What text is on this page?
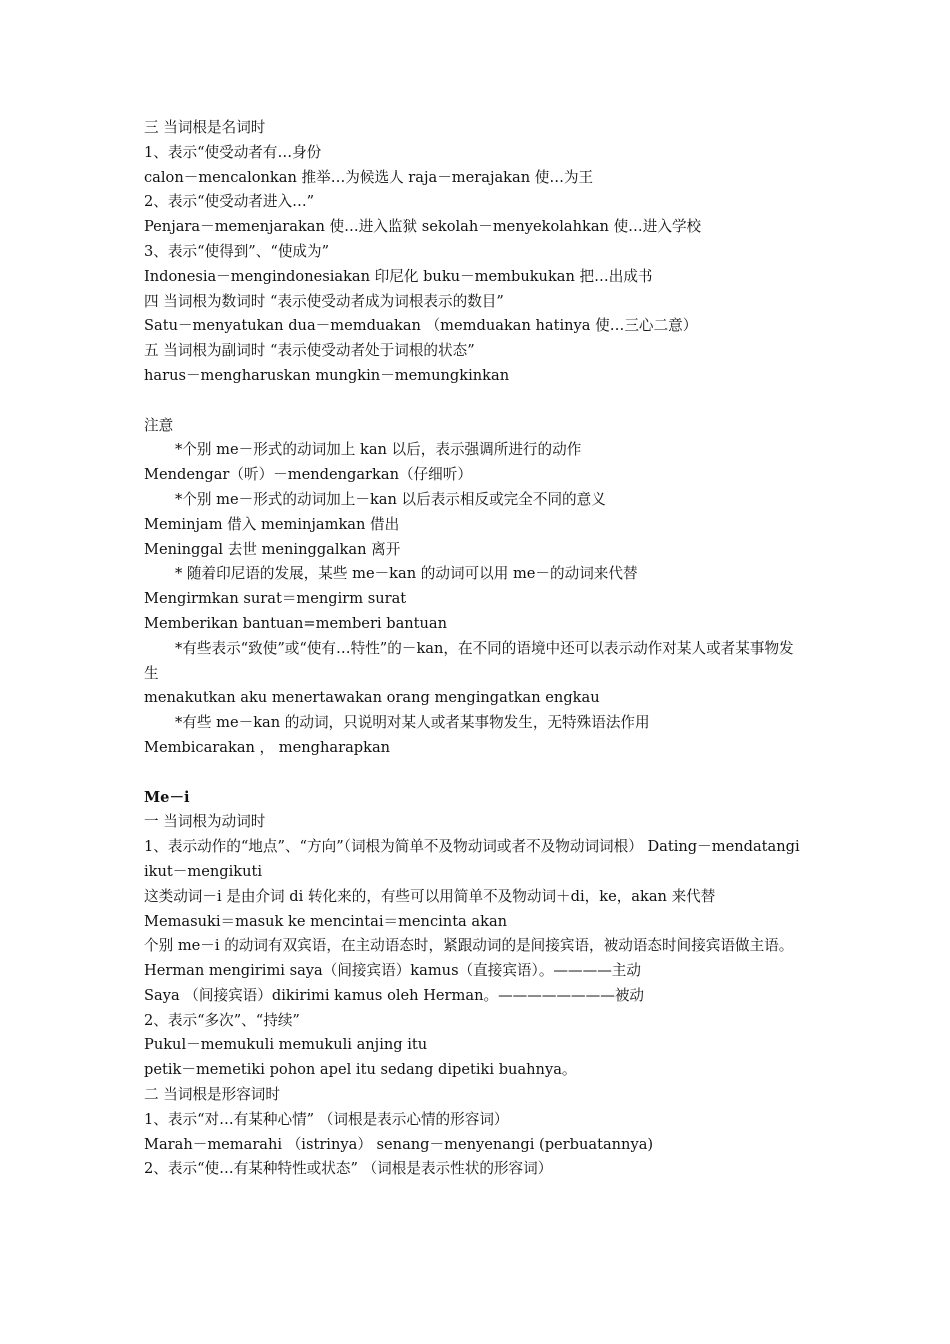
三 当词根是名词时
1、表示“使受动者有…身份
calon－mencalonkan 推举…为候选人 raja－merajakan 使…为王
2、表示“使受动者进入…”
Penjara－memenjarakan 使…进入监狱 sekolah－menyekolahkan 使…进入学校
3、表示“使得到”、“使成为”
Indonesia－mengindonesiakan 印尼化 buku－membukukan 把…出成书
四 当词根为数词时 “表示使受动者成为词根表示的数目”
Satu－menyatukan dua－memduakan （memduakan hatinya 使…三心二意）
五 当词根为副词时 “表示使受动者处于词根的状态”
harus－mengharuskan mungkin－memungkinkan
注意
*个别 me－形式的动词加上 kan 以后，表示强调所进行的动作
Mendengar（听）－mendengarkan（仔细听）
*个别 me－形式的动词加上－kan 以后表示相反或完全不同的意义
Meminjam 借入 meminjamkan 借出
Meninggal 去世 meninggalkan 离开
* 随着印尼语的发展，某些 me－kan 的动词可以用 me－的动词来代替
Mengirmkan surat＝mengirm surat
Memberikan bantuan=memberi bantuan
*有些表示“致使”或“使有…特性”的－kan，在不同的语境中还可以表示动作对某人或者某事物发生
menakutkan aku menertawakan orang mengingatkan engkau
*有些 me－kan 的动词，只说明对某人或者某事物发生，无特殊语法作用
Membicarakan ， mengharapkan
Me－i
一 当词根为动词时
1、表示动作的“地点”、“方向”（词根为简单不及物动词或者不及物动词词根） Dating－mendatangi ikut－mengikuti
这类动词－i 是由介词 di 转化来的，有些可以用简单不及物动词＋di，ke，akan 来代替
Memasuki＝masuk ke mencintai＝mencinta akan
个别 me－i 的动词有双宾语，在主动语态时，紧跟动词的是间接宾语，被动语态时间接宾语做主语。
Herman mengirimi saya（间接宾语）kamus（直接宾语）。————主动
Saya （间接宾语）dikirimi kamus oleh Herman。————————被动
2、表示“多次”、“持续”
Pukul－memukuli memukuli anjing itu
petik－memetiki pohon apel itu sedang dipetiki buahnya。
二 当词根是形容词时
1、表示“对…有某种心情” （词根是表示心情的形容词）
Marah－memarahi （istrinya） senang－menyenangi (perbuatannya)
2、表示“使…有某种特性或状态” （词根是表示性状的形容词）
